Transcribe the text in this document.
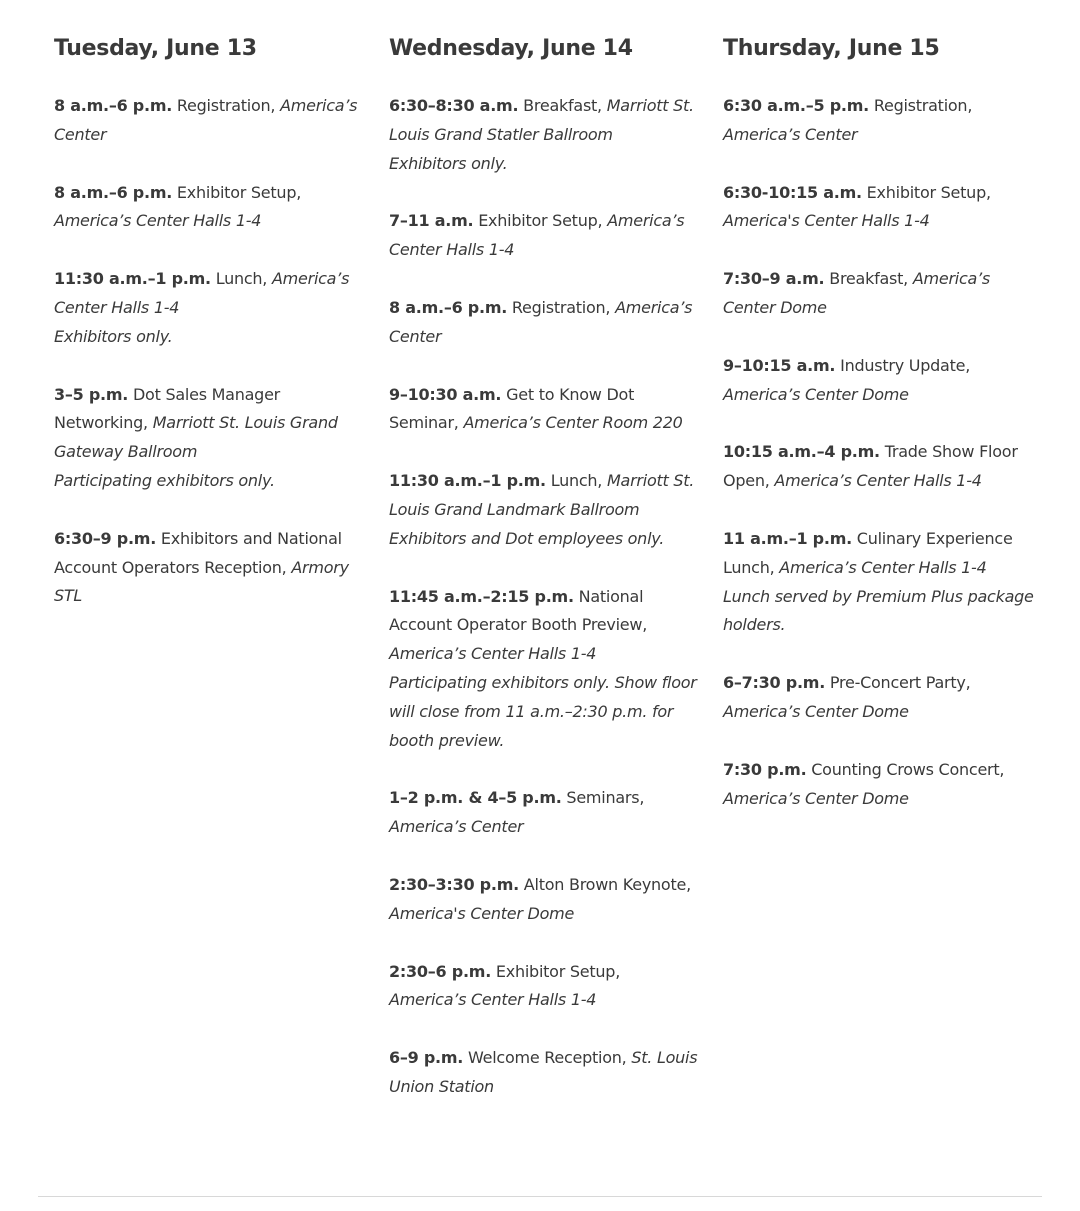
Tuesday, June 13

8 a.m.–6 p.m. Registration, America’s Center

8 a.m.–6 p.m. Exhibitor Setup, America’s Center Halls 1-4

11:30 a.m.–1 p.m. Lunch, America’s Center Halls 1-4
Exhibitors only.

3–5 p.m. Dot Sales Manager Networking, Marriott St. Louis Grand Gateway Ballroom
Participating exhibitors only.

6:30–9 p.m. Exhibitors and National Account Operators Reception, Armory STL

Wednesday, June 14

6:30–8:30 a.m. Breakfast, Marriott St. Louis Grand Statler Ballroom
Exhibitors only.

7–11 a.m. Exhibitor Setup, America’s Center Halls 1-4

8 a.m.–6 p.m. Registration, America’s Center

9–10:30 a.m. Get to Know Dot Seminar, America’s Center Room 220

11:30 a.m.–1 p.m. Lunch, Marriott St. Louis Grand Landmark Ballroom
Exhibitors and Dot employees only.

11:45 a.m.–2:15 p.m. National Account Operator Booth Preview, America’s Center Halls 1-4
Participating exhibitors only. Show floor will close from 11 a.m.–2:30 p.m. for booth preview.

1–2 p.m. & 4–5 p.m. Seminars, America’s Center

2:30–3:30 p.m. Alton Brown Keynote, America's Center Dome

2:30–6 p.m. Exhibitor Setup, America’s Center Halls 1-4

6–9 p.m. Welcome Reception, St. Louis Union Station

Thursday, June 15

6:30 a.m.–5 p.m. Registration, America’s Center

6:30-10:15 a.m. Exhibitor Setup, America's Center Halls 1-4

7:30–9 a.m. Breakfast, America’s Center Dome

9–10:15 a.m. Industry Update, America’s Center Dome

10:15 a.m.–4 p.m. Trade Show Floor Open, America’s Center Halls 1-4

11 a.m.–1 p.m. Culinary Experience Lunch, America’s Center Halls 1-4
Lunch served by Premium Plus package holders.

6–7:30 p.m. Pre-Concert Party, America’s Center Dome

7:30 p.m. Counting Crows Concert, America’s Center Dome
